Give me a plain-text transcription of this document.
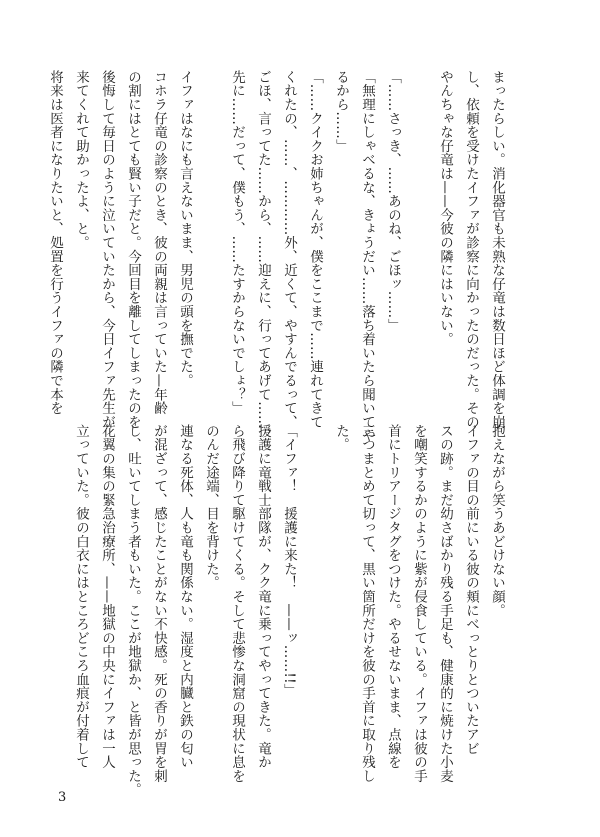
まったらしい。消化器官も未熟な仔竜は数日ほど体調を崩
し、依頼を受けたイファが診察に向かったのだった。その
やんちゃな仔竜は——今彼の隣にはいない。
「……さっき、……あのね、ごほッ……」
「無理にしゃべるな、きょうだい……落ち着いたら聞いてや
るから……」
「……クイクお姉ちゃんが、僕をここまで……連れてきて
くれたの、……、…………外、近くて、やすんでるって、
ごほ、言ってた……から、……迎えに、行ってあげて……、
先に……だって、僕もう、……たすからないでしょ？」
イファはなにも言えないまま、男児の頭を撫でた。
コホラ仔竜の診察のとき、彼の両親は言っていた—年齢
の割にはとても賢い子だと。今回目を離してしまったのを
後悔して毎日のように泣いていたから、今日イファ先生が
来てくれて助かったよ、と。
将来は医者になりたいと、処置を行うイファの隣で本を
抱えながら笑うあどけない顔。
イファの目の前にいる彼の頬にべっとりとついたアビ
スの跡。まだ幼さばかり残る手足も、健康的に焼けた小麦
を嘲笑するかのように紫が侵食している。イファは彼の手
首にトリアージタグをつけた。やるせないまま、点線を
三つまとめて切って、黒い箇所だけを彼の手首に取り残し
た。
「イファ！　援護に来た！　——ッ……!!」
援護に竜戦士部隊が、クク竜に乗ってやってきた。竜か
ら飛び降りて駆けてくる。そして悲惨な洞窟の現状に息を
のんだ途端、目を背けた。
連なる死体、人も竜も関係ない。湿度と内臓と鉄の匂い
が混ざって、感じたことがない不快感。死の香りが胃を刺
し、吐いてしまう者もいた。ここが地獄か、と皆が思った。
花翼の集の緊急治療所、——地獄の中央にイファは一人
立っていた。彼の白衣にはところどころ血痕が付着して
3
